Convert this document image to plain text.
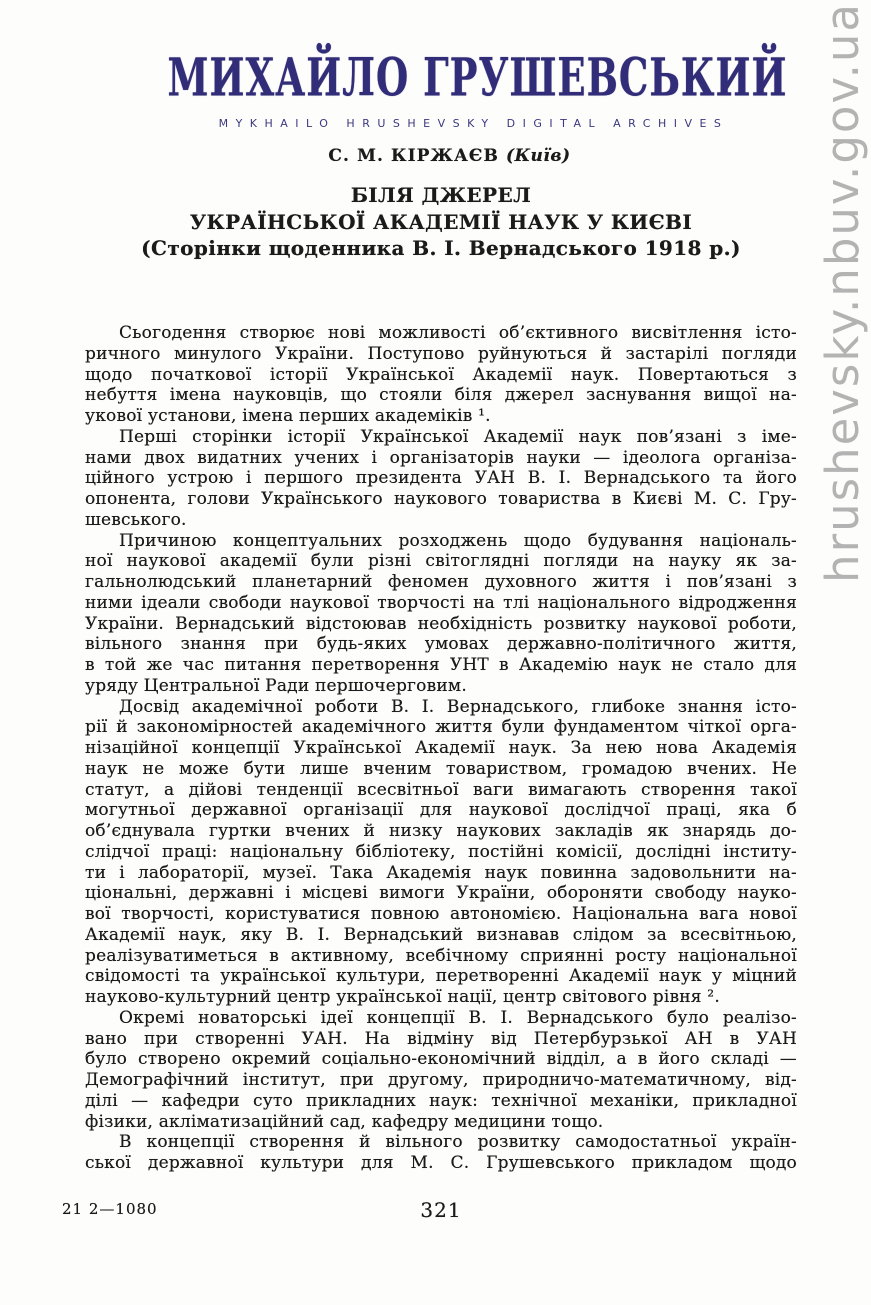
hrushevsky.nbuv.gov.ua
МИХАЙЛО ГРУШЕВСЬКИЙ
MYKHAILO HRUSHEVSKY DIGITAL ARCHIVES
С. М. КІРЖАЄВ (Київ)
БІЛЯ ДЖЕРЕЛ
УКРАЇНСЬКОЇ АКАДЕМІЇ НАУК У КИЄВІ
(Сторінки щоденника В. І. Вернадського 1918 р.)
Сьогодення створює нові можливості об’єктивного висвітлення істо-
ричного минулого України. Поступово руйнуються й застарілі погляди
щодо початкової історії Української Академії наук. Повертаються з
небуття імена науковців, що стояли біля джерел заснування вищої на-
укової установи, імена перших академіків ¹.
Перші сторінки історії Української Академії наук пов’язані з іме-
нами двох видатних учених і організаторів науки — ідеолога організа-
ційного устрою і першого президента УАН В. І. Вернадського та його
опонента, голови Українського наукового товариства в Києві М. С. Гру-
шевського.
Причиною концептуальних розходжень щодо будування національ-
ної наукової академії були різні світоглядні погляди на науку як за-
гальнолюдський планетарний феномен духовного життя і пов’язані з
ними ідеали свободи наукової творчості на тлі національного відродження
України. Вернадський відстоював необхідність розвитку наукової роботи,
вільного знання при будь-яких умовах державно-політичного життя,
в той же час питання перетворення УНТ в Академію наук не стало для
уряду Центральної Ради першочерговим.
Досвід академічної роботи В. І. Вернадського, глибоке знання істо-
рії й закономірностей академічного життя були фундаментом чіткої орга-
нізаційної концепції Української Академії наук. За нею нова Академія
наук не може бути лише вченим товариством, громадою вчених. Не
статут, а дійові тенденції всесвітньої ваги вимагають створення такої
могутньої державної організації для наукової дослідчої праці, яка б
об’єднувала гуртки вчених й низку наукових закладів як знарядь до-
слідчої праці: національну бібліотеку, постійні комісії, дослідні інститу-
ти і лабораторії, музеї. Така Академія наук повинна задовольнити на-
ціональні, державні і місцеві вимоги України, обороняти свободу науко-
вої творчості, користуватися повною автономією. Національна вага нової
Академії наук, яку В. І. Вернадський визнавав слідом за всесвітньою,
реалізуватиметься в активному, всебічному сприянні росту національної
свідомості та української культури, перетворенні Академії наук у міцний
науково-культурний центр української нації, центр світового рівня ².
Окремі новаторські ідеї концепції В. І. Вернадського було реалізо-
вано при створенні УАН. На відміну від Петербурзької АН в УАН
було створено окремий соціально-економічний відділ, а в його складі —
Демографічний інститут, при другому, природничо-математичному, від-
ділі — кафедри суто прикладних наук: технічної механіки, прикладної
фізики, акліматизаційний сад, кафедру медицини тощо.
В концепції створення й вільного розвитку самодостатньої україн-
ської державної культури для М. С. Грушевського прикладом щодо
21 2—1080	321
